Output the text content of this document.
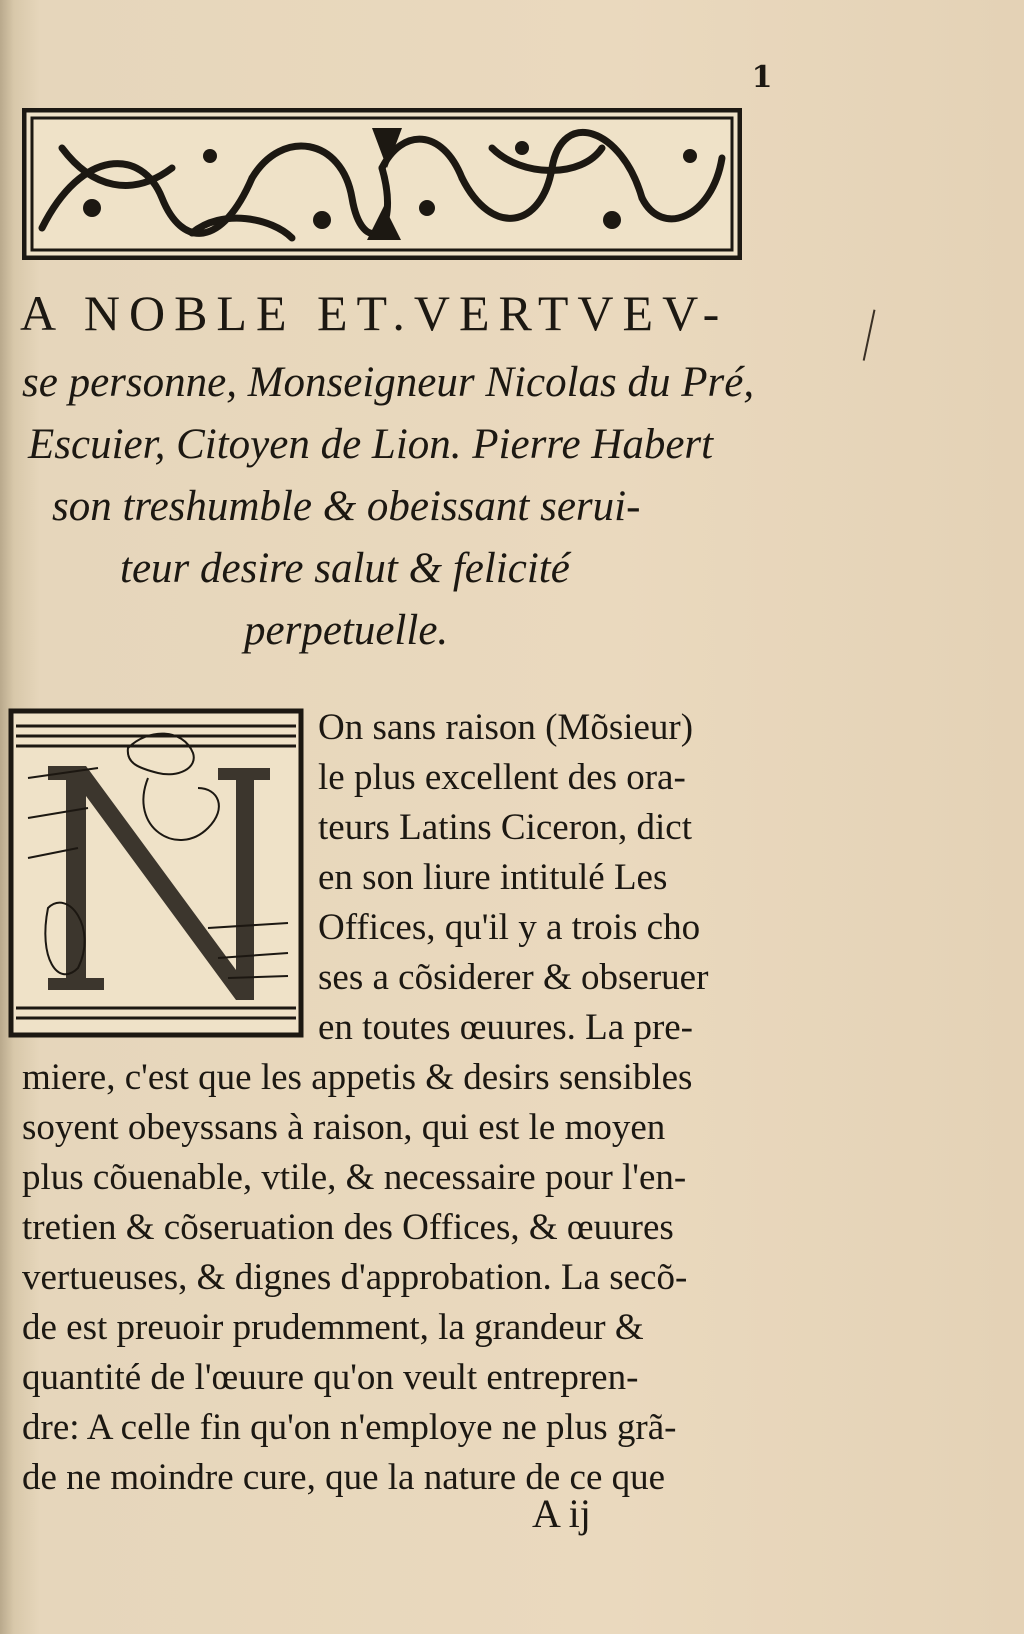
1
A NOBLE ET.VERTVEV-
se personne, Monseigneur Nicolas du Pré,
Escuier, Citoyen de Lion. Pierre Habert
son treshumble & obeissant serui-
teur desire salut & felicité
perpetuelle.
On sans raison (Mõsieur)
le plus excellent des ora-
teurs Latins Ciceron, dict
en son liure intitulé Les
Offices, qu'il y a trois cho
ses a cõsiderer & obseruer
en toutes œuures. La pre-
miere, c'est que les appetis & desirs sensibles
soyent obeyssans à raison, qui est le moyen
plus cõuenable, vtile, & necessaire pour l'en-
tretien & cõseruation des Offices, & œuures
vertueuses, & dignes d'approbation. La secõ-
de est preuoir prudemment, la grandeur &
quantité de l'œuure qu'on veult entrepren-
dre: A celle fin qu'on n'employe ne plus grã-
de ne moindre cure, que la nature de ce que
A ij
